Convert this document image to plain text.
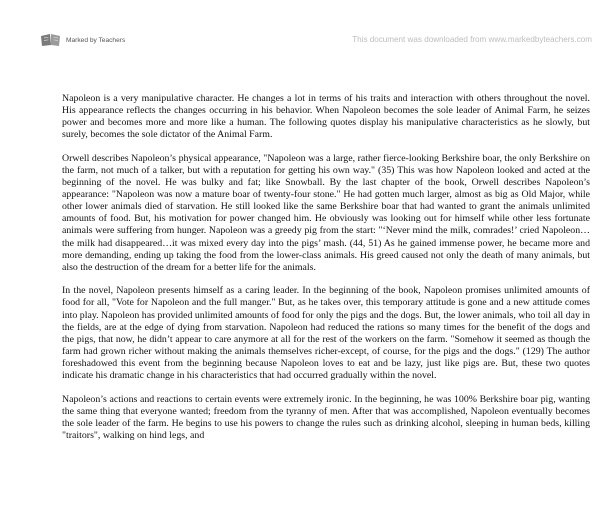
Marked by Teachers	This document was downloaded from www.markedbyteachers.com

Napoleon is a very manipulative character. He changes a lot in terms of his traits and interaction with others throughout the novel. His appearance reflects the changes occurring in his behavior. When Napoleon becomes the sole leader of Animal Farm, he seizes power and becomes more and more like a human. The following quotes display his manipulative characteristics as he slowly, but surely, becomes the sole dictator of the Animal Farm.

Orwell describes Napoleon’s physical appearance, "Napoleon was a large, rather fierce-looking Berkshire boar, the only Berkshire on the farm, not much of a talker, but with a reputation for getting his own way." (35) This was how Napoleon looked and acted at the beginning of the novel. He was bulky and fat; like Snowball. By the last chapter of the book, Orwell describes Napoleon’s appearance: "Napoleon was now a mature boar of twenty-four stone." He had gotten much larger, almost as big as Old Major, while other lower animals died of starvation. He still looked like the same Berkshire boar that had wanted to grant the animals unlimited amounts of food. But, his motivation for power changed him. He obviously was looking out for himself while other less fortunate animals were suffering from hunger. Napoleon was a greedy pig from the start: "‘Never mind the milk, comrades!’ cried Napoleon…the milk had disappeared…it was mixed every day into the pigs’ mash. (44, 51) As he gained immense power, he became more and more demanding, ending up taking the food from the lower-class animals. His greed caused not only the death of many animals, but also the destruction of the dream for a better life for the animals.

In the novel, Napoleon presents himself as a caring leader. In the beginning of the book, Napoleon promises unlimited amounts of food for all, "Vote for Napoleon and the full manger." But, as he takes over, this temporary attitude is gone and a new attitude comes into play. Napoleon has provided unlimited amounts of food for only the pigs and the dogs. But, the lower animals, who toil all day in the fields, are at the edge of dying from starvation. Napoleon had reduced the rations so many times for the benefit of the dogs and the pigs, that now, he didn’t appear to care anymore at all for the rest of the workers on the farm. "Somehow it seemed as though the farm had grown richer without making the animals themselves richer-except, of course, for the pigs and the dogs." (129) The author foreshadowed this event from the beginning because Napoleon loves to eat and be lazy, just like pigs are. But, these two quotes indicate his dramatic change in his characteristics that had occurred gradually within the novel.

Napoleon’s actions and reactions to certain events were extremely ironic. In the beginning, he was 100% Berkshire boar pig, wanting the same thing that everyone wanted; freedom from the tyranny of men. After that was accomplished, Napoleon eventually becomes the sole leader of the farm. He begins to use his powers to change the rules such as drinking alcohol, sleeping in human beds, killing "traitors", walking on hind legs, and
